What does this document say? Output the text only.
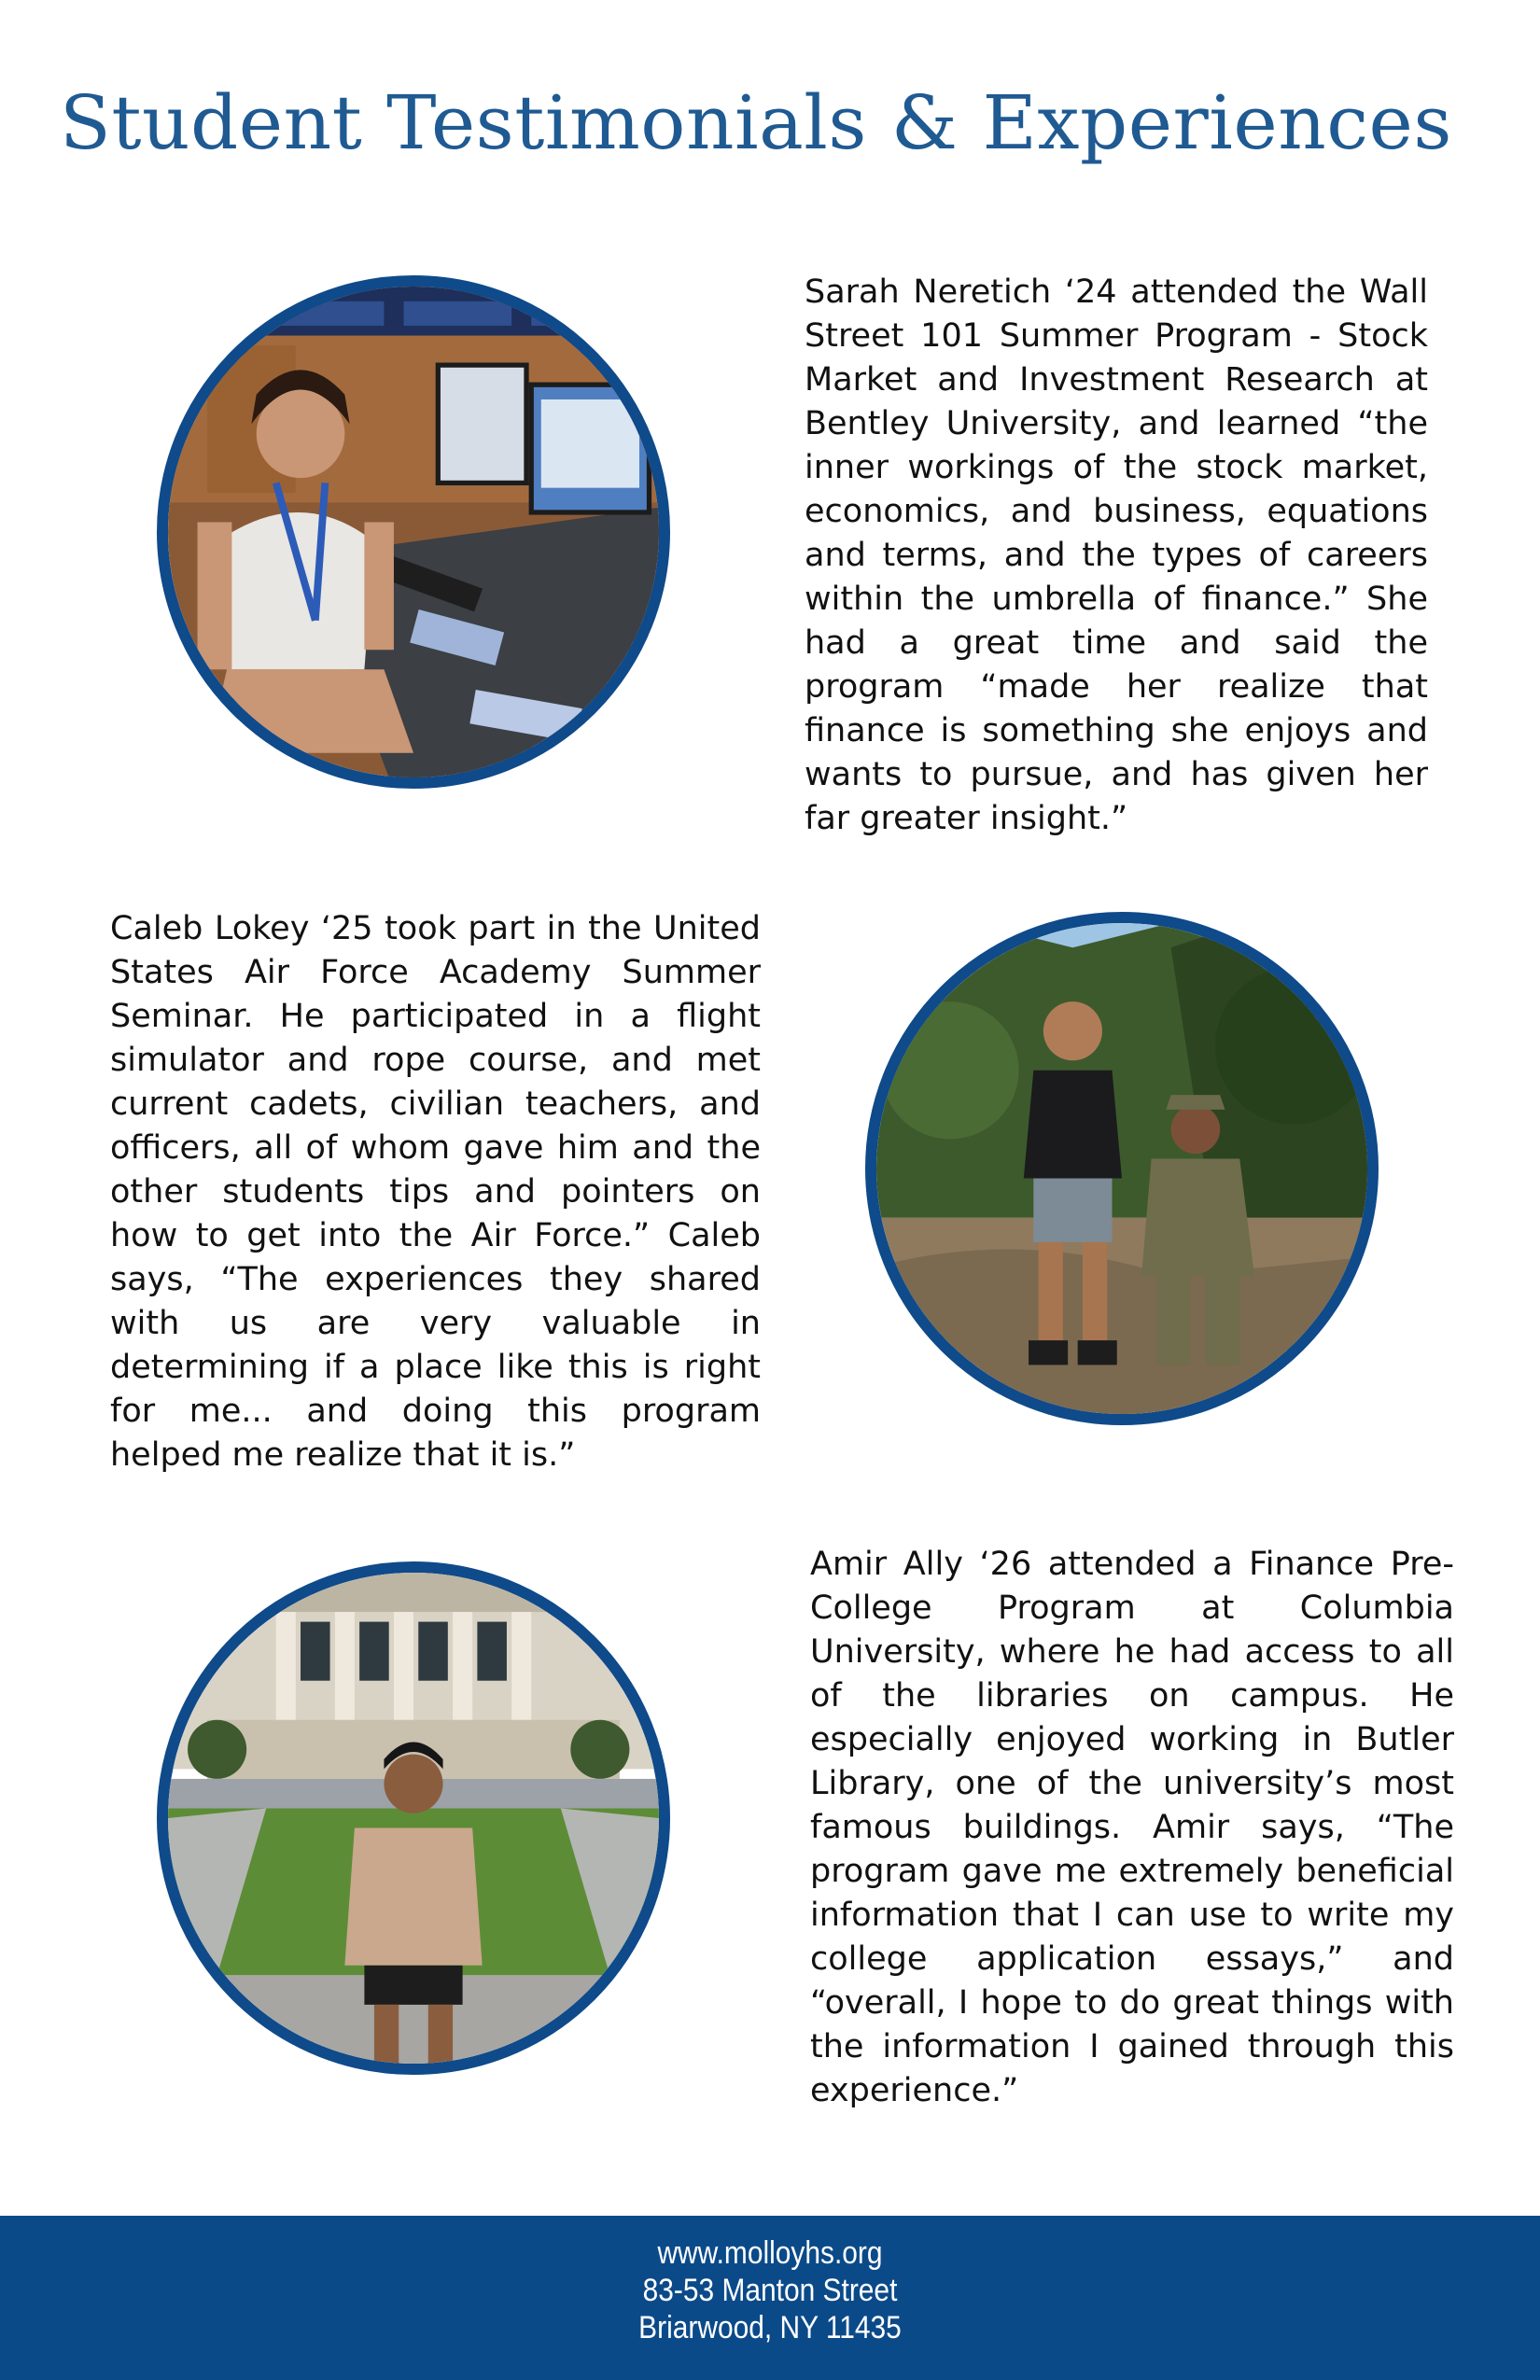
Student Testimonials & Experiences

Sarah Neretich ‘24 attended the Wall Street 101 Summer Program - Stock Market and Investment Research at Bentley University, and learned “the inner workings of the stock market, economics, and business, equations and terms, and the types of careers within the umbrella of finance.” She had a great time and said the program “made her realize that finance is something she enjoys and wants to pursue, and has given her far greater insight.”

Caleb Lokey ‘25 took part in the United States Air Force Academy Summer Seminar. He participated in a flight simulator and rope course, and met current cadets, civilian teachers, and officers, all of whom gave him and the other students tips and pointers on how to get into the Air Force.” Caleb says, “The experiences they shared with us are very valuable in determining if a place like this is right for me... and doing this program helped me realize that it is.”

Amir Ally ‘26 attended a Finance Pre-College Program at Columbia University, where he had access to all of the libraries on campus. He especially enjoyed working in Butler Library, one of the university’s most famous buildings. Amir says, “The program gave me extremely beneficial information that I can use to write my college application essays,” and “overall, I hope to do great things with the information I gained through this experience.”

www.molloyhs.org
83-53 Manton Street
Briarwood, NY 11435
